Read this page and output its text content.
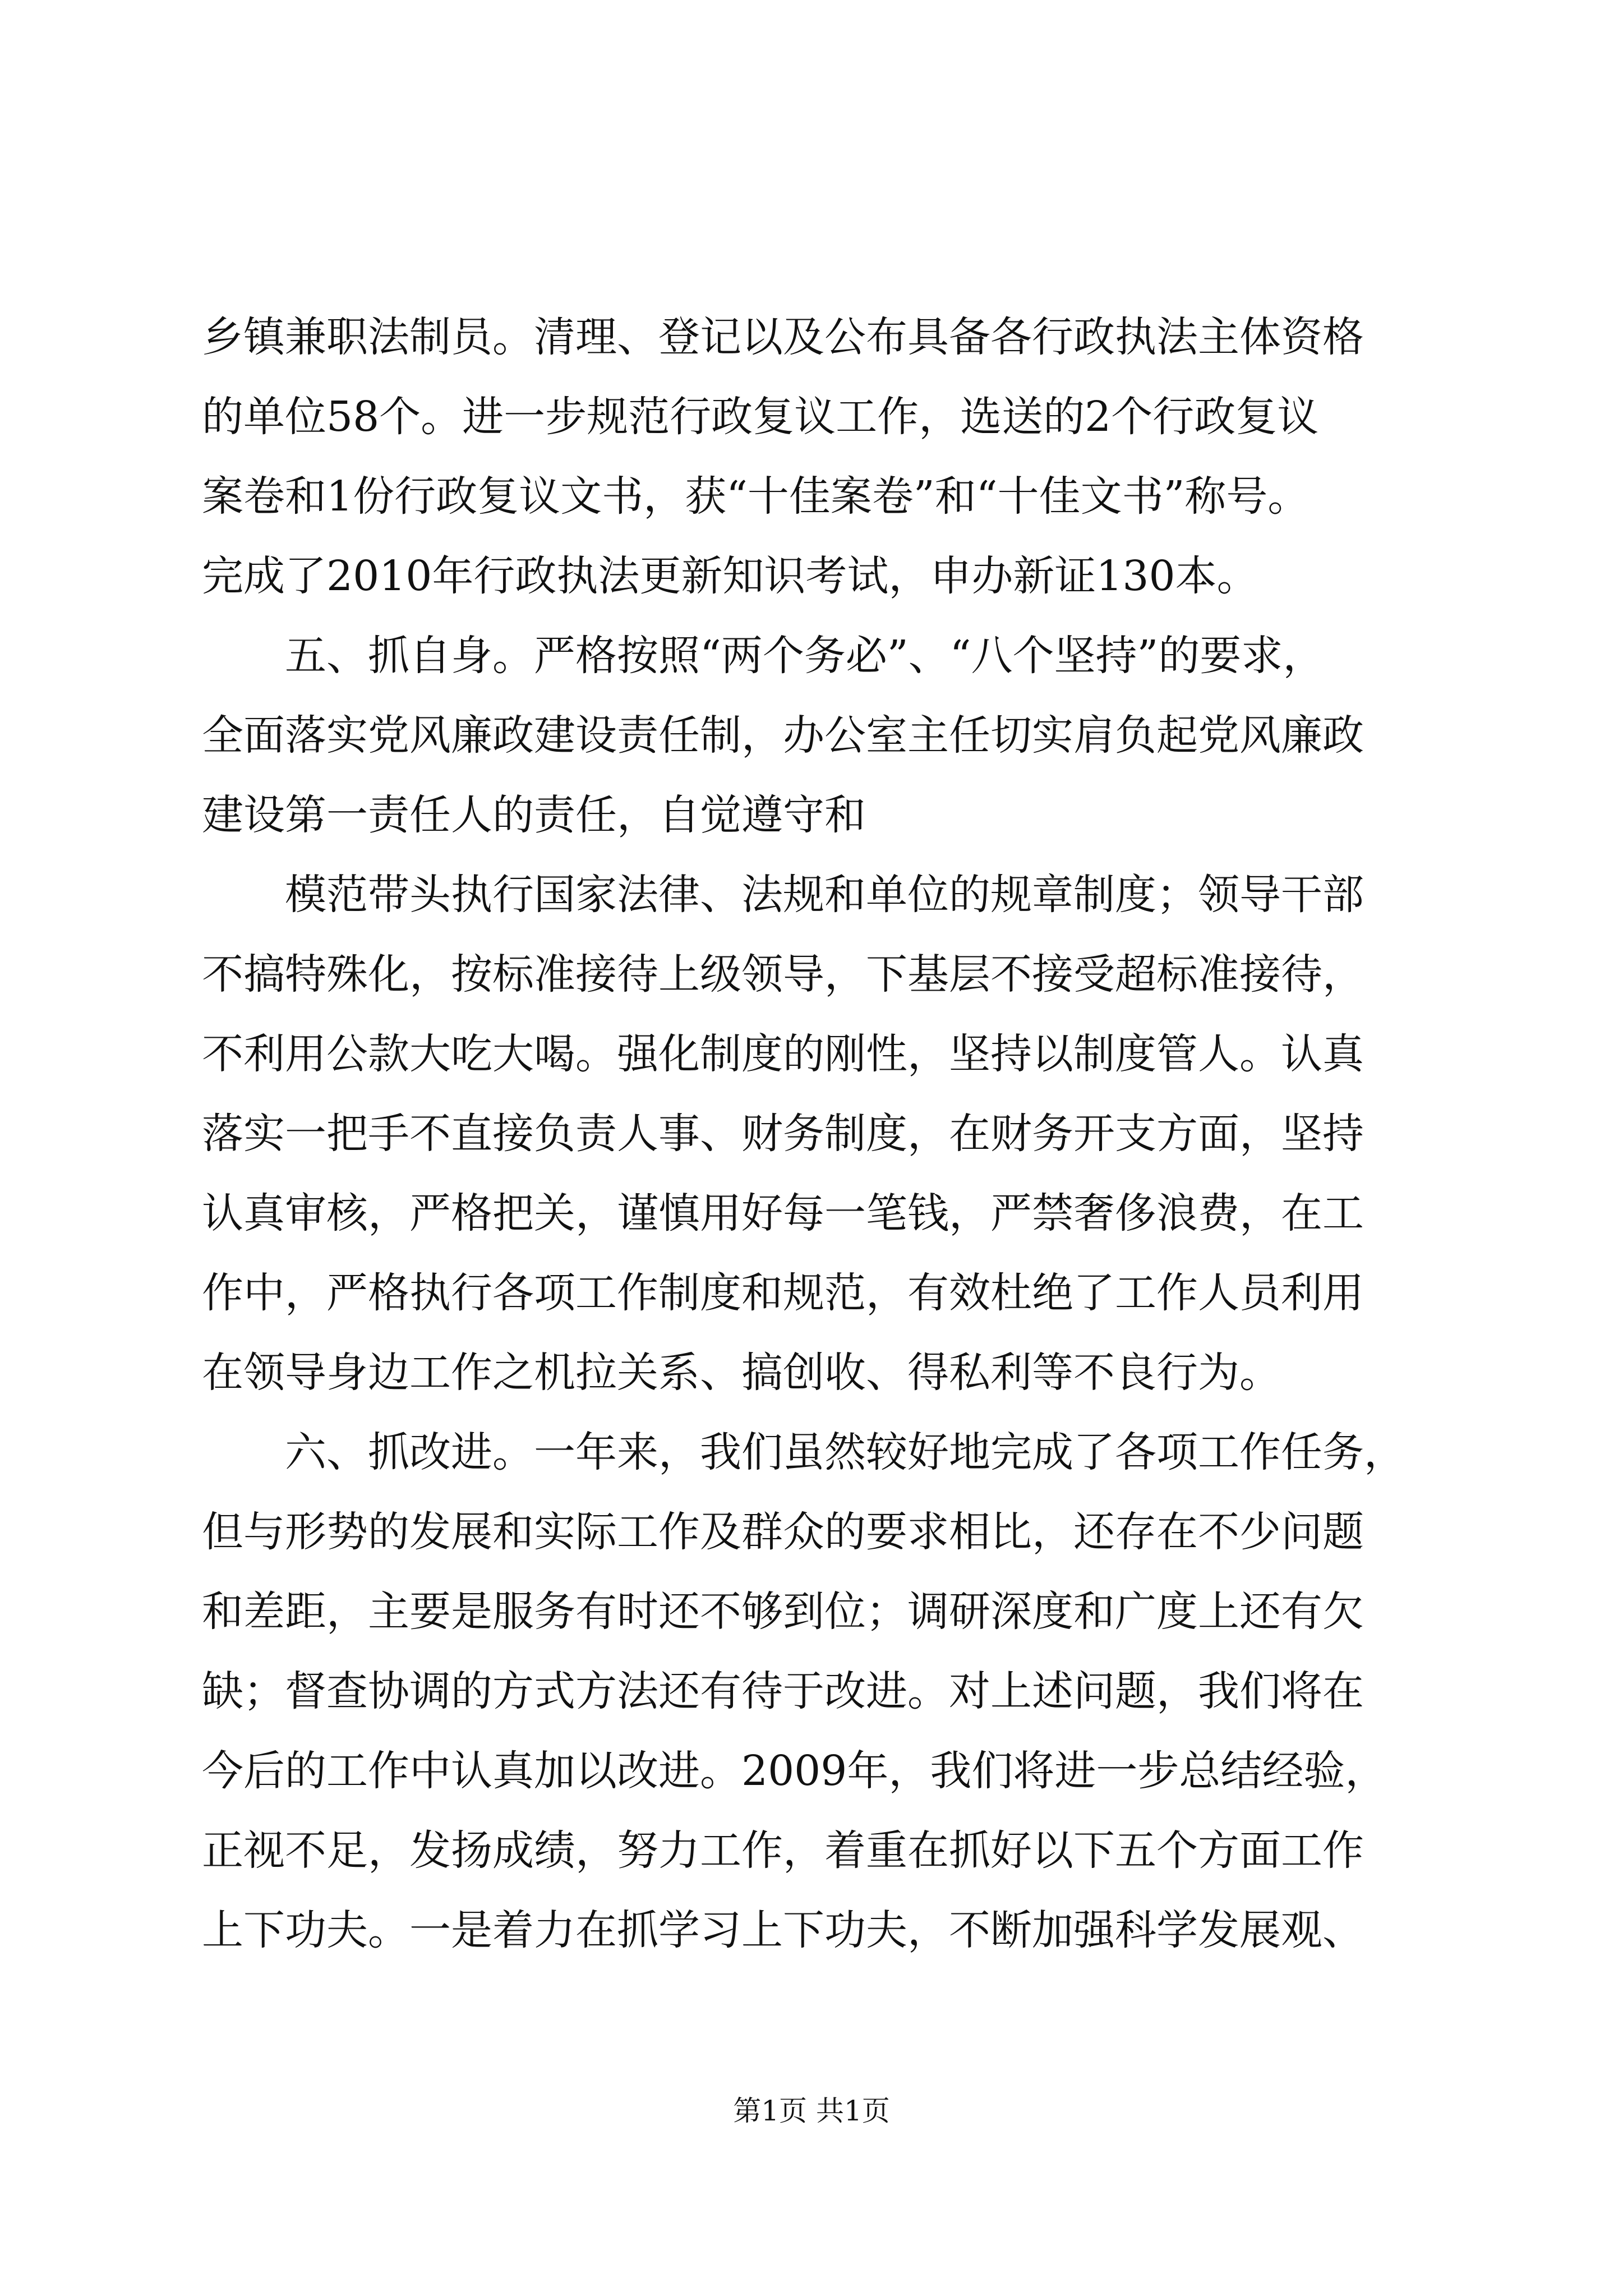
乡镇兼职法制员。清理、登记以及公布具备各行政执法主体资格
的单位58个。进一步规范行政复议工作，选送的2个行政复议
案卷和1份行政复议文书，获“十佳案卷”和“十佳文书”称号。
完成了2010年行政执法更新知识考试，申办新证130本。
五、抓自身。严格按照“两个务必”、“八个坚持”的要求，
全面落实党风廉政建设责任制，办公室主任切实肩负起党风廉政
建设第一责任人的责任，自觉遵守和
模范带头执行国家法律、法规和单位的规章制度；领导干部
不搞特殊化，按标准接待上级领导，下基层不接受超标准接待，
不利用公款大吃大喝。强化制度的刚性，坚持以制度管人。认真
落实一把手不直接负责人事、财务制度，在财务开支方面，坚持
认真审核，严格把关，谨慎用好每一笔钱，严禁奢侈浪费，在工
作中，严格执行各项工作制度和规范，有效杜绝了工作人员利用
在领导身边工作之机拉关系、搞创收、得私利等不良行为。
六、抓改进。一年来，我们虽然较好地完成了各项工作任务，
但与形势的发展和实际工作及群众的要求相比，还存在不少问题
和差距，主要是服务有时还不够到位；调研深度和广度上还有欠
缺；督查协调的方式方法还有待于改进。对上述问题，我们将在
今后的工作中认真加以改进。2009年，我们将进一步总结经验，
正视不足，发扬成绩，努力工作，着重在抓好以下五个方面工作
上下功夫。一是着力在抓学习上下功夫，不断加强科学发展观、
第1页 共1页
